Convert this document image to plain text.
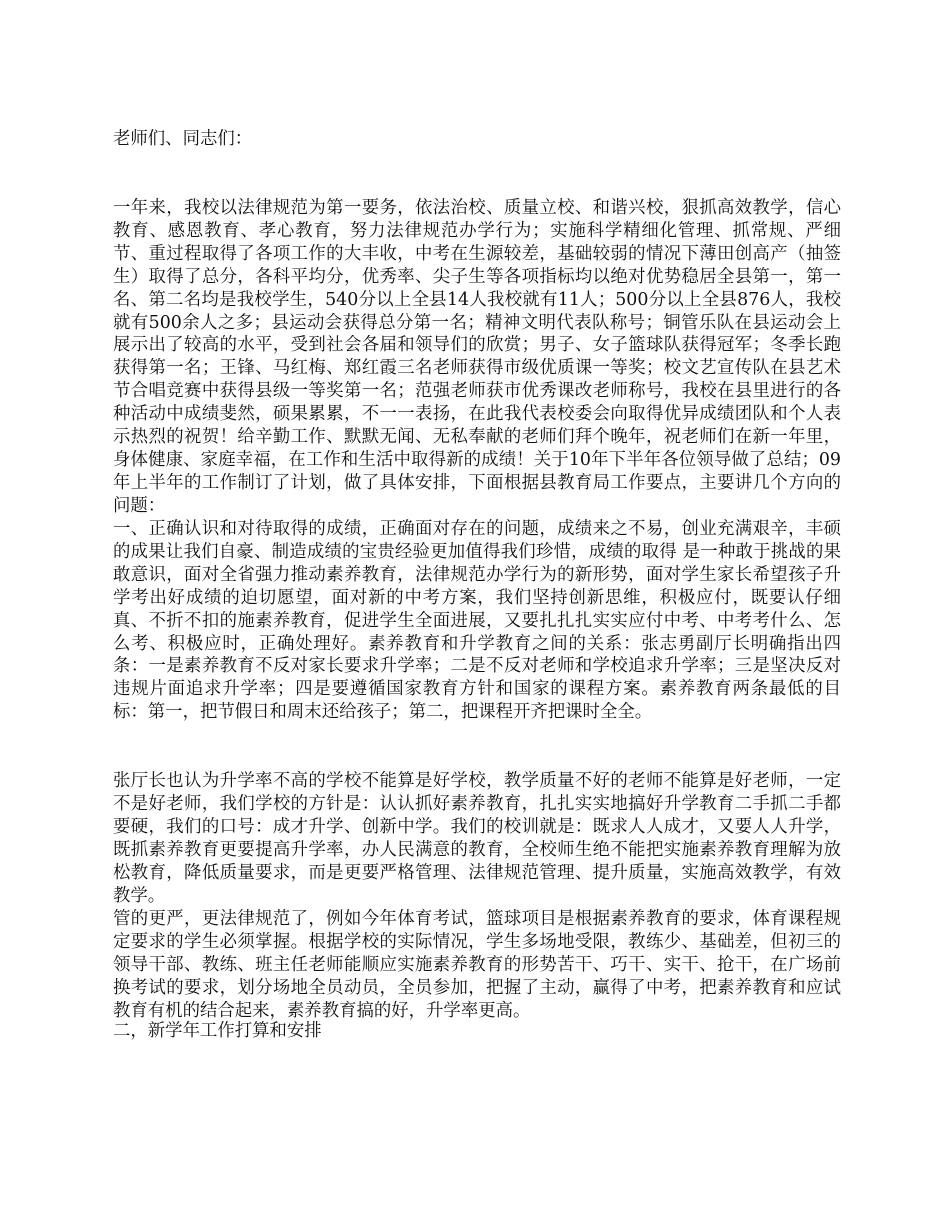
老师们、同志们：

一年来，我校以法律规范为第一要务，依法治校、质量立校、和谐兴校，狠抓高效教学，信心教育、感恩教育、孝心教育，努力法律规范办学行为；实施科学精细化管理、抓常规、严细节、重过程取得了各项工作的大丰收，中考在生源较差，基础较弱的情况下薄田创高产（抽签生）取得了总分，各科平均分，优秀率、尖子生等各项指标均以绝对优势稳居全县第一，第一名、第二名均是我校学生，540分以上全县14人我校就有11人；500分以上全县876人，我校就有500余人之多；县运动会获得总分第一名；精神文明代表队称号；铜管乐队在县运动会上展示出了较高的水平，受到社会各届和领导们的欣赏；男子、女子篮球队获得冠军；冬季长跑获得第一名；王锋、马红梅、郑红霞三名老师获得市级优质课一等奖；校文艺宣传队在县艺术节合唱竞赛中获得县级一等奖第一名；范强老师获市优秀课改老师称号，我校在县里进行的各种活动中成绩斐然，硕果累累，不一一表扬，在此我代表校委会向取得优异成绩团队和个人表示热烈的祝贺！给辛勤工作、默默无闻、无私奉献的老师们拜个晚年，祝老师们在新一年里，身体健康、家庭幸福，在工作和生活中取得新的成绩！关于10年下半年各位领导做了总结；09年上半年的工作制订了计划，做了具体安排，下面根据县教育局工作要点，主要讲几个方向的问题：

一、正确认识和对待取得的成绩，正确面对存在的问题，成绩来之不易，创业充满艰辛，丰硕的成果让我们自豪、制造成绩的宝贵经验更加值得我们珍惜，成绩的取得 是一种敢于挑战的果敢意识，面对全省强力推动素养教育，法律规范办学行为的新形势，面对学生家长希望孩子升学考出好成绩的迫切愿望，面对新的中考方案，我们坚持创新思维，积极应付，既要认仔细真、不折不扣的施素养教育，促进学生全面进展，又要扎扎扎实实应付中考、中考考什么、怎么考、积极应时，正确处理好。素养教育和升学教育之间的关系：张志勇副厅长明确指出四条：一是素养教育不反对家长要求升学率；二是不反对老师和学校追求升学率；三是坚决反对违规片面追求升学率；四是要遵循国家教育方针和国家的课程方案。素养教育两条最低的目标：第一，把节假日和周末还给孩子；第二，把课程开齐把课时全全。

张厅长也认为升学率不高的学校不能算是好学校，教学质量不好的老师不能算是好老师，一定不是好老师，我们学校的方针是：认认抓好素养教育，扎扎实实地搞好升学教育二手抓二手都要硬，我们的口号：成才升学、创新中学。我们的校训就是：既求人人成才，又要人人升学，既抓素养教育更要提高升学率，办人民满意的教育，全校师生绝不能把实施素养教育理解为放松教育，降低质量要求，而是更要严格管理、法律规范管理、提升质量，实施高效教学，有效教学。

管的更严，更法律规范了，例如今年体育考试，篮球项目是根据素养教育的要求，体育课程规定要求的学生必须掌握。根据学校的实际情况，学生多场地受限，教练少、基础差，但初三的领导干部、教练、班主任老师能顺应实施素养教育的形势苦干、巧干、实干、抢干，在广场前换考试的要求，划分场地全员动员，全员参加，把握了主动，赢得了中考，把素养教育和应试教育有机的结合起来，素养教育搞的好，升学率更高。

二，新学年工作打算和安排
